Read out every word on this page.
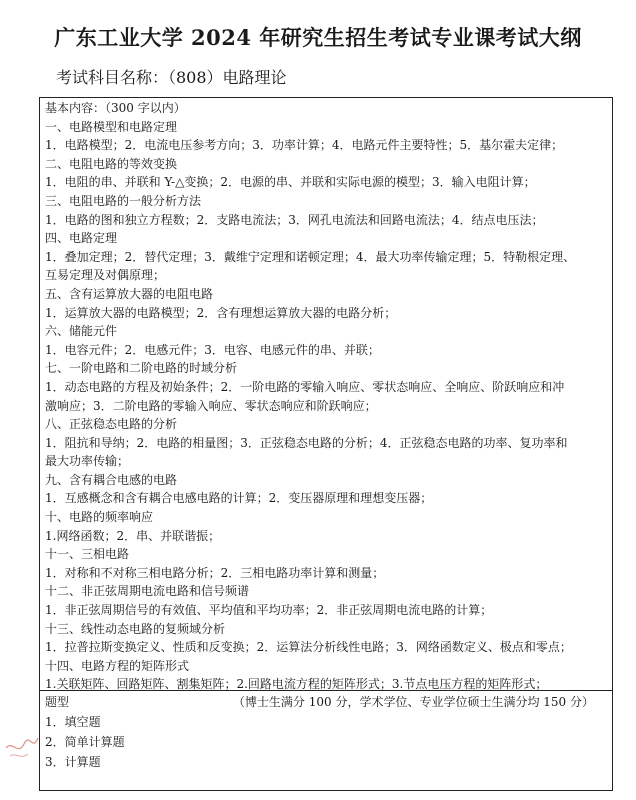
广东工业大学 2024 年研究生招生考试专业课考试大纲
考试科目名称：（808）电路理论
基本内容：（300 字以内）
一、电路模型和电路定理
1．电路模型；2．电流电压参考方向；3．功率计算；4．电路元件主要特性；5．基尔霍夫定律；
二、电阻电路的等效变换
1．电阻的串、并联和 Y-△变换；2．电源的串、并联和实际电源的模型；3．输入电阻计算；
三、电阻电路的一般分析方法
1．电路的图和独立方程数；2．支路电流法；3．网孔电流法和回路电流法；4．结点电压法；
四、电路定理
1．叠加定理；2．替代定理；3．戴维宁定理和诺顿定理；4．最大功率传输定理；5．特勒根定理、
互易定理及对偶原理；
五、含有运算放大器的电阻电路
1．运算放大器的电路模型；2．含有理想运算放大器的电路分析；
六、储能元件
1．电容元件；2．电感元件；3．电容、电感元件的串、并联；
七、一阶电路和二阶电路的时域分析
1．动态电路的方程及初始条件；2．一阶电路的零输入响应、零状态响应、全响应、阶跃响应和冲
激响应；3．二阶电路的零输入响应、零状态响应和阶跃响应；
八、正弦稳态电路的分析
1．阻抗和导纳；2．电路的相量图；3．正弦稳态电路的分析；4．正弦稳态电路的功率、复功率和
最大功率传输；
九、含有耦合电感的电路
1．互感概念和含有耦合电感电路的计算；2．变压器原理和理想变压器；
十、电路的频率响应
1.网络函数；2．串、并联谐振；
十一、三相电路
1．对称和不对称三相电路分析；2．三相电路功率计算和测量；
十二、非正弦周期电流电路和信号频谱
1．非正弦周期信号的有效值、平均值和平均功率；2．非正弦周期电流电路的计算；
十三、线性动态电路的复频域分析
1．拉普拉斯变换定义、性质和反变换；2．运算法分析线性电路；3．网络函数定义、极点和零点；
十四、电路方程的矩阵形式
1.关联矩阵、回路矩阵、割集矩阵；2.回路电流方程的矩阵形式；3.节点电压方程的矩阵形式；
题型	（博士生满分 100 分，学术学位、专业学位硕士生满分均 150 分）
1．填空题
2．简单计算题
3．计算题
